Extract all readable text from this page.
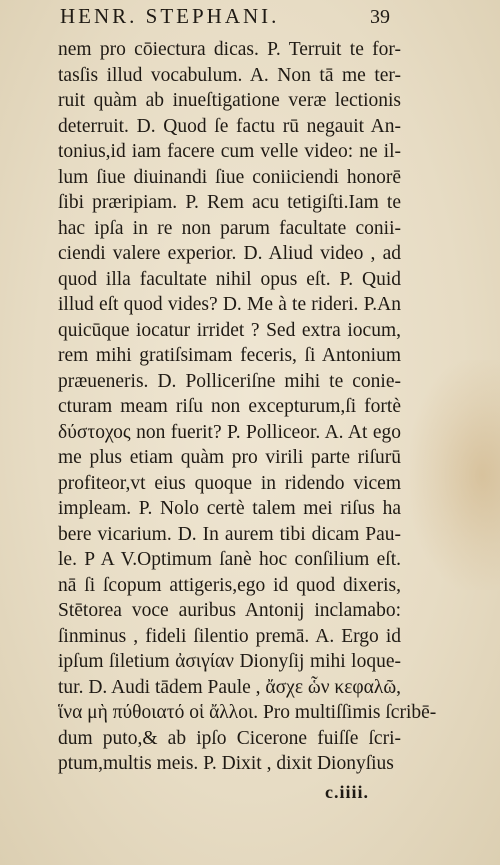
HENR. STEPHANI.	39
nem pro cōiectura dicas. P. Terruit te for-
tasſis illud vocabulum. A. Non tā me ter-
ruit quàm ab inueſtigatione veræ lectionis
deterruit. D. Quod ſe factu rū negauit An-
tonius,id iam facere cum velle video: ne il-
lum ſiue diuinandi ſiue coniiciendi honorē
ſibi præripiam. P. Rem acu tetigiſti.Iam te
hac ipſa in re non parum facultate conii-
ciendi valere experior. D. Aliud video , ad
quod illa facultate nihil opus eſt. P. Quid
illud eſt quod vides? D. Me à te rideri. P.An
quicūque iocatur irridet ? Sed extra iocum,
rem mihi gratiſsimam feceris, ſi Antonium
præueneris. D. Polliceriſne mihi te conie-
cturam meam riſu non excepturum,ſi fortè
δύστοχος non fuerit? P. Polliceor. A. At ego
me plus etiam quàm pro virili parte riſurū
profiteor,vt eius quoque in ridendo vicem
impleam. P. Nolo certè talem mei riſus ha
bere vicarium. D. In aurem tibi dicam Pau-
le. P A V.Optimum ſanè hoc conſilium eſt.
nā ſi ſcopum attigeris,ego id quod dixeris,
Stētorea voce auribus Antonij inclamabo:
ſinminus , fideli ſilentio premā. A. Ergo id
ipſum ſiletium ἀσιγίαν Dionyſij mihi loque-
tur. D. Audi tādem Paule , ἄσχε ὧν κεφαλῶ,
ἵνα μὴ πύθοιατό οἱ ἄλλοι. Pro multiſſimis ſcribē-
dum puto,& ab ipſo Cicerone fuiſſe ſcri-
ptum,multis meis. P. Dixit , dixit Dionyſius
c.iiii.
